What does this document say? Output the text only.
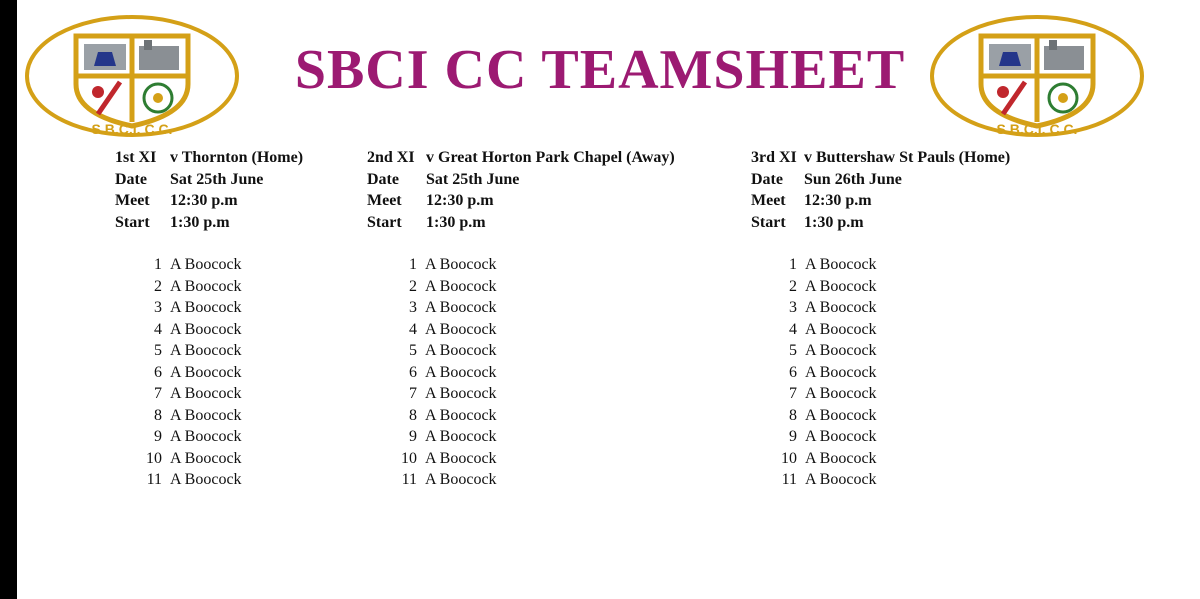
S.B.C.I. C.C.	S.B.C.I. C.C.
SBCI CC TEAMSHEET
1st XI v Thornton (Home)
Date Sat 25th June
Meet 12:30 p.m
Start 1:30 p.m
1 A Boocock
2 A Boocock
3 A Boocock
4 A Boocock
5 A Boocock
6 A Boocock
7 A Boocock
8 A Boocock
9 A Boocock
10 A Boocock
11 A Boocock
2nd XI v Great Horton Park Chapel (Away)
Date Sat 25th June
Meet 12:30 p.m
Start 1:30 p.m
1 A Boocock
2 A Boocock
3 A Boocock
4 A Boocock
5 A Boocock
6 A Boocock
7 A Boocock
8 A Boocock
9 A Boocock
10 A Boocock
11 A Boocock
3rd XI v Buttershaw St Pauls (Home)
Date Sun 26th June
Meet 12:30 p.m
Start 1:30 p.m
1 A Boocock
2 A Boocock
3 A Boocock
4 A Boocock
5 A Boocock
6 A Boocock
7 A Boocock
8 A Boocock
9 A Boocock
10 A Boocock
11 A Boocock
